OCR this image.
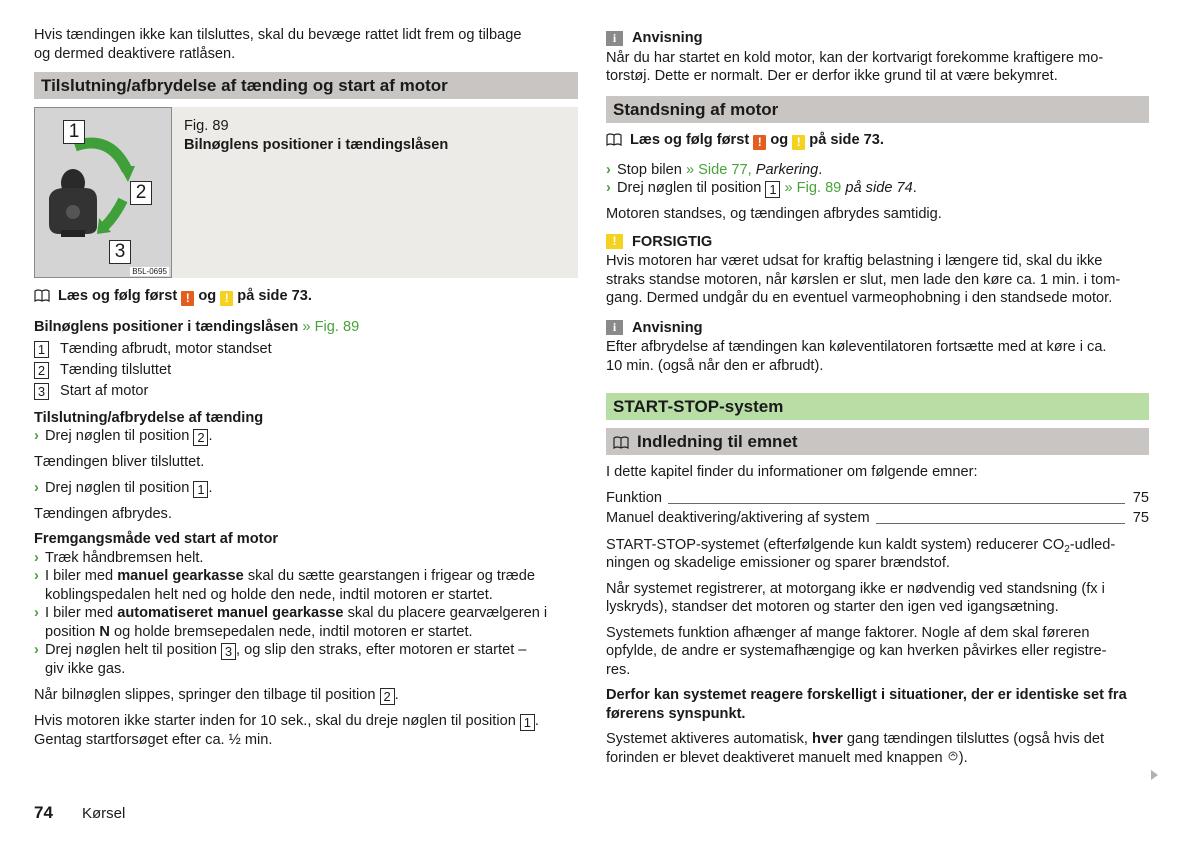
Hvis tændingen ikke kan tilsluttes, skal du bevæge rattet lidt frem og tilbage
og dermed deaktivere ratlåsen.

Tilslutning/afbrydelse af tænding og start af motor
1
2
3
B5L-0695
Fig. 89
Bilnøglens positioner i tændingslåsen

Læs og følg først ! og ! på side 73.

Bilnøglens positioner i tændingslåsen » Fig. 89
1 Tænding afbrudt, motor standset
2 Tænding tilsluttet
3 Start af motor
Tilslutning/afbrydelse af tænding

› Drej nøglen til position 2 .

Tændingen bliver tilsluttet.

› Drej nøglen til position 1 .

Tændingen afbrydes.

Fremgangsmåde ved start af motor
› Træk håndbremsen helt.
› I biler med manuel gearkasse skal du sætte gearstangen i frigear og træde
koblingspedalen helt ned og holde den nede, indtil motoren er startet.
› I biler med automatiseret manuel gearkasse skal du placere gearvælgeren i
position N og holde bremsepedalen nede, indtil motoren er startet.
› Drej nøglen helt til position 3 , og slip den straks, efter motoren er startet –
giv ikke gas.

Når bilnøglen slippes, springer den tilbage til position 2 .

Hvis motoren ikke starter inden for 10 sek., skal du dreje nøglen til position 1 .
Gentag startforsøget efter ca. ½ min.

i	Anvisning

Når du har startet en kold motor, kan der kortvarigt forekomme kraftigere mo-
torstøj. Dette er normalt. Der er derfor ikke grund til at være bekymret.

Standsning af motor

Læs og følg først ! og ! på side 73.

› Stop bilen » Side 77, Parkering.
› Drej nøglen til position 1 » Fig. 89 på side 74.

Motoren standses, og tændingen afbrydes samtidig.

!	FORSIGTIG

Hvis motoren har været udsat for kraftig belastning i længere tid, skal du ikke
straks standse motoren, når kørslen er slut, men lade den køre ca. 1 min. i tom-
gang. Dermed undgår du en eventuel varmeophobning i den standsede motor.

i	Anvisning

Efter afbrydelse af tændingen kan køleventilatoren fortsætte med at køre i ca.
10 min. (også når den er afbrudt).

START-STOP-system
Indledning til emnet

I dette kapitel finder du informationer om følgende emner:

Funktion	75
Manuel deaktivering/aktivering af system	75

START-STOP-systemet (efterfølgende kun kaldt system) reducerer $CO_2-udled-$
ningen og skadelige emissioner og sparer brændstof.

Når systemet registrerer, at motorgang ikke er nødvendig ved standsning (fx i
lyskryds), standser det motoren og starter den igen ved igangsætning.

Systemets funktion afhænger af mange faktorer. Nogle af dem skal føreren
opfylde, de andre er systemafhængige og kan hverken påvirkes eller registre-
res.

Derfor kan systemet reagere forskelligt i situationer, der er identiske set fra
førerens synspunkt.

Systemet aktiveres automatisk, hver gang tændingen tilsluttes (også hvis det
forinden er blevet deaktiveret manuelt med knappen ).

74	Kørsel
